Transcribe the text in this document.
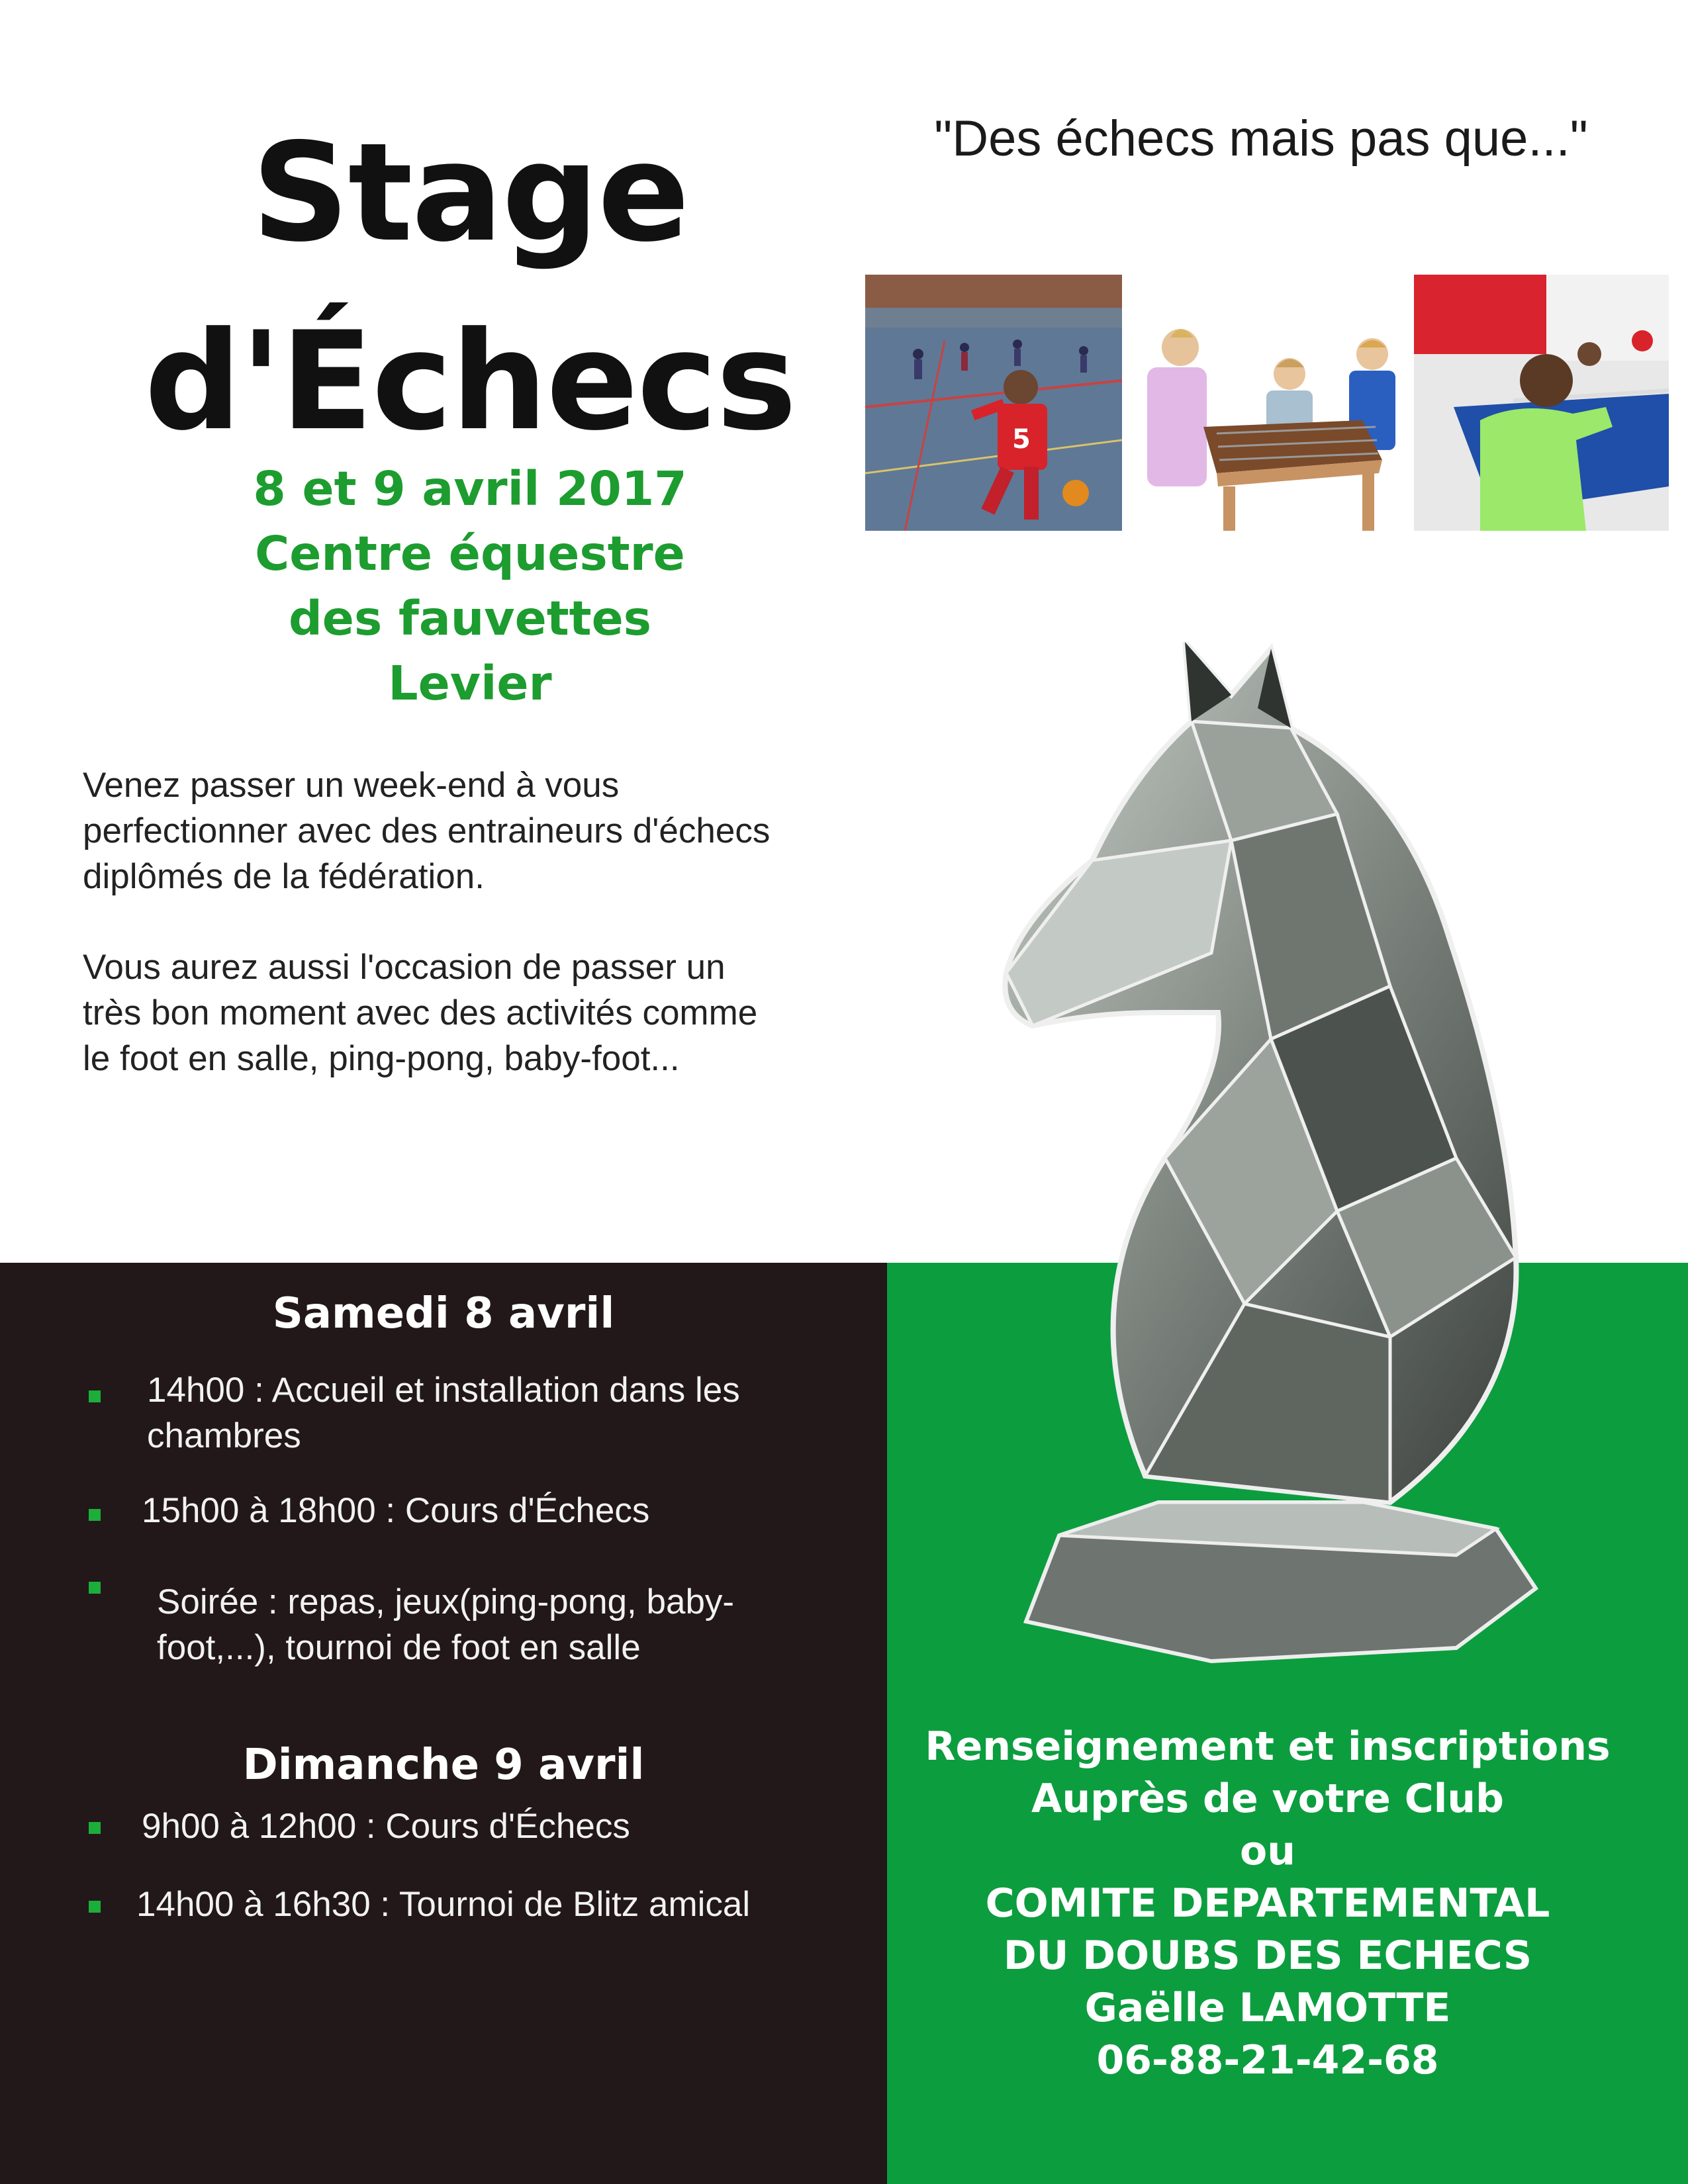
Stage
d'Échecs
"Des échecs mais pas que..."
5
8 et 9 avril 2017
Centre équestre
des fauvettes
Levier

Venez passer un week-end à vous perfectionner avec des entraineurs d'échecs diplômés de la fédération.

Vous aurez aussi l'occasion de passer un très bon moment avec des activités comme le foot en salle, ping-pong, baby-foot...

Samedi 8 avril

14h00 : Accueil et installation dans les chambres

15h00 à 18h00 : Cours d'Échecs

Soirée : repas, jeux(ping-pong, baby-foot,...), tournoi de foot en salle

Dimanche 9 avril

9h00 à 12h00 : Cours d'Échecs

14h00 à 16h30 : Tournoi de Blitz amical

Renseignement et inscriptions
Auprès de votre Club
ou
COMITE DEPARTEMENTAL
DU DOUBS DES ECHECS
Gaëlle LAMOTTE
06-88-21-42-68
